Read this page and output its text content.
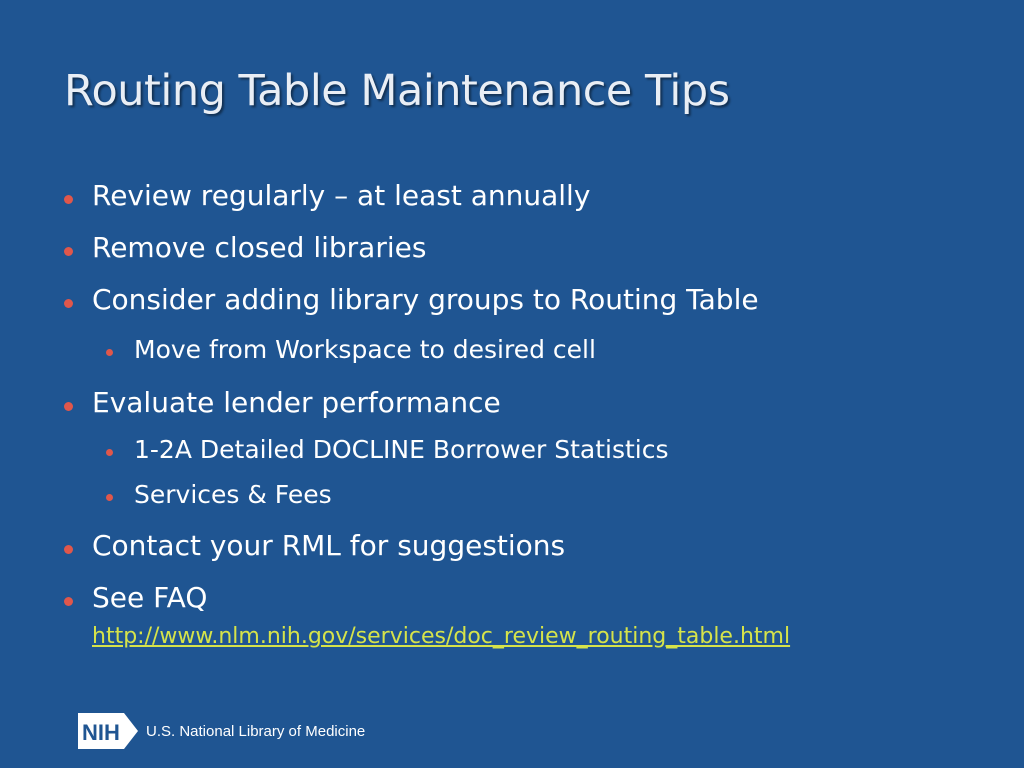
Routing Table Maintenance Tips
Review regularly – at least annually
Remove closed libraries
Consider adding library groups to Routing Table
Move from Workspace to desired cell
Evaluate lender performance
1-2A Detailed DOCLINE Borrower Statistics
Services & Fees
Contact your RML for suggestions
See FAQ
http://www.nlm.nih.gov/services/doc_review_routing_table.html
NIH U.S. National Library of Medicine
